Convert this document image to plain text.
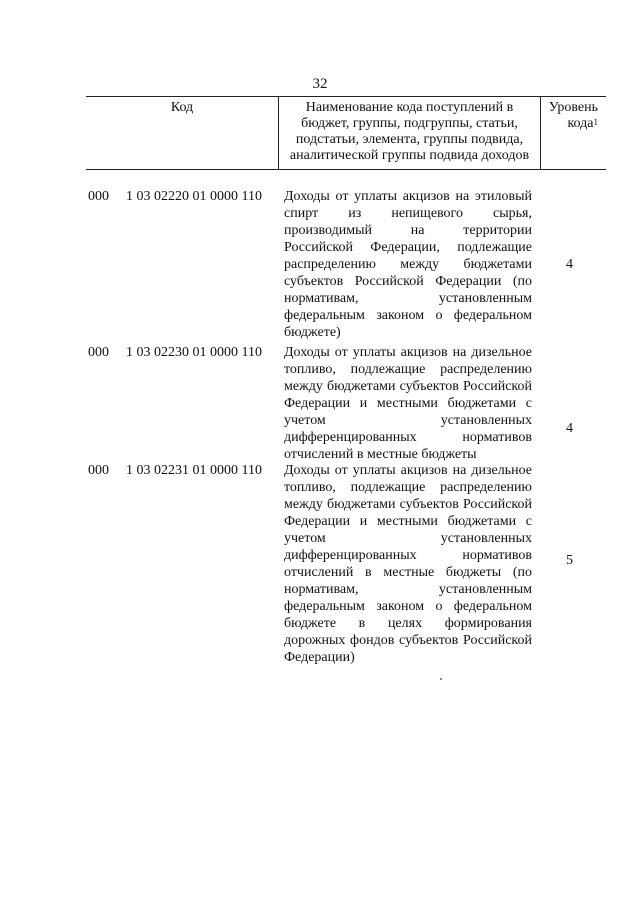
32
Код	Наименование кода поступлений в бюджет, группы, подгруппы, статьи, подстатьи, элемента, группы подвида, аналитической группы подвида доходов
Уровень кода$^1$
000 1 03 02220 01 0000 110 Доходы от уплаты акцизов на этиловый спирт из непищевого сырья, производимый на территории Российской Федерации, подлежащие распределению между бюджетами субъектов Российской Федерации (по нормативам, установленным федеральным законом о федеральном бюджете)
4
000 1 03 02230 01 0000 110 Доходы от уплаты акцизов на дизельное топливо, подлежащие распределению между бюджетами субъектов Российской Федерации и местными бюджетами с учетом установленных дифференцированных нормативов отчислений в местные бюджеты
4
000 1 03 02231 01 0000 110 Доходы от уплаты акцизов на дизельное топливо, подлежащие распределению между бюджетами субъектов Российской Федерации и местными бюджетами с учетом установленных дифференцированных нормативов отчислений в местные бюджеты (по нормативам, установленным федеральным законом о федеральном бюджете в целях формирования дорожных фондов субъектов Российской Федерации)
5
